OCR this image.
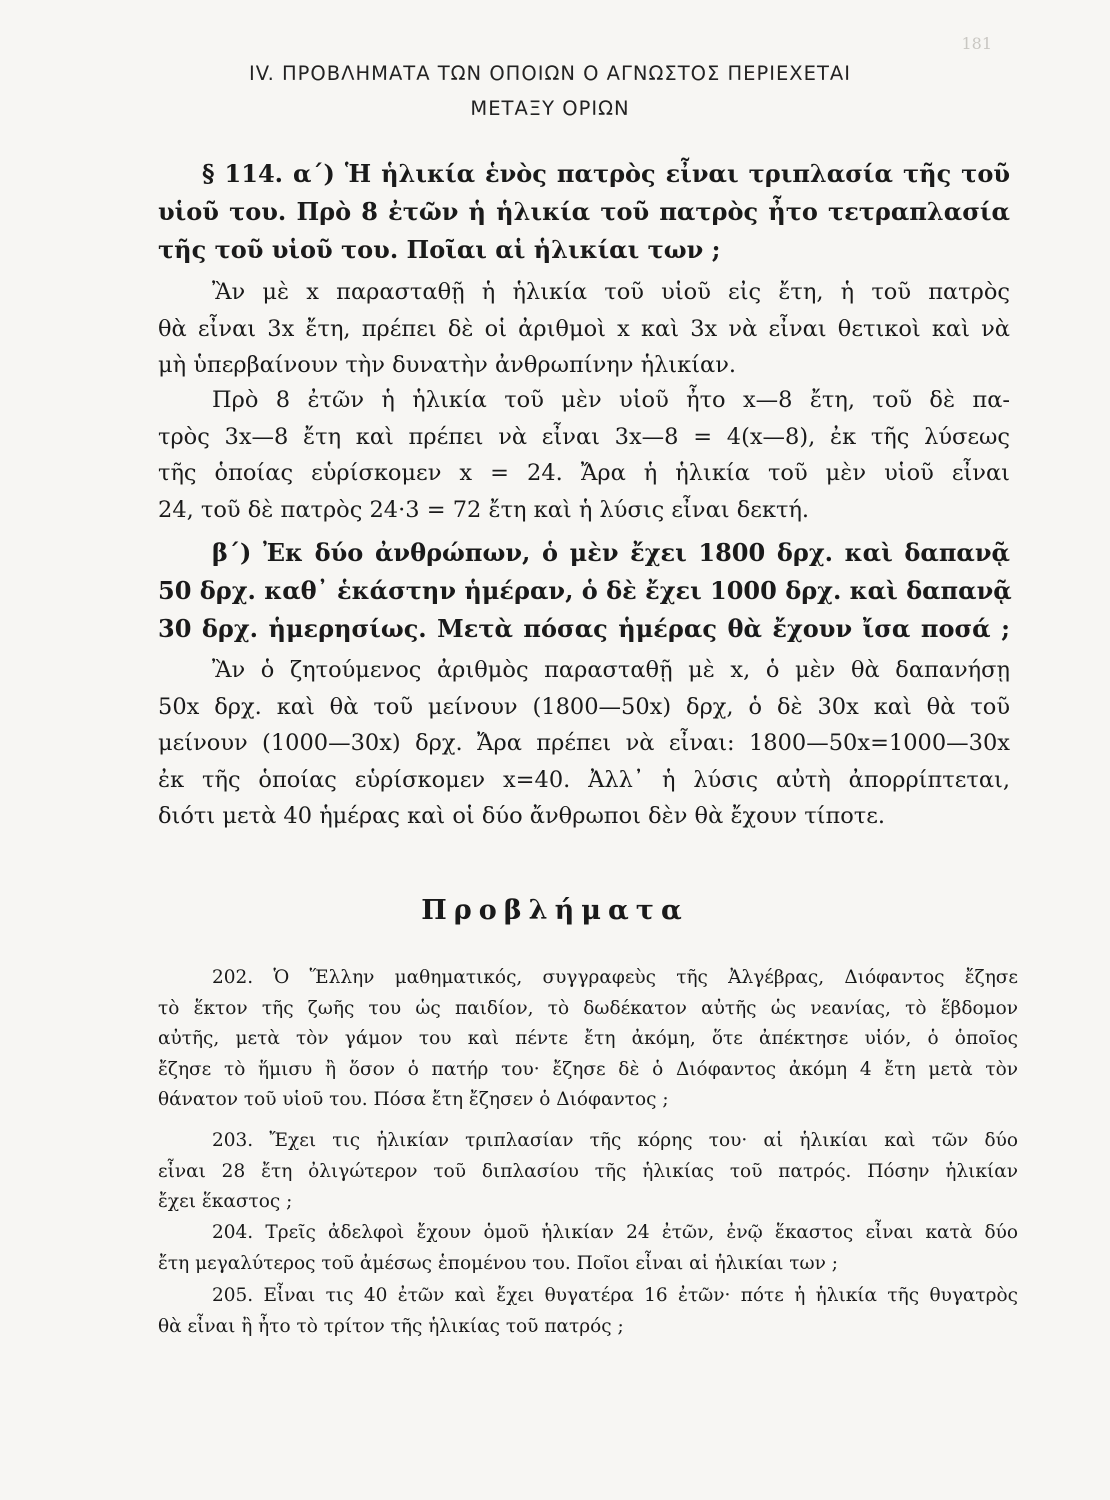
181
IV. ΠΡΟΒΛΗΜΑΤΑ ΤΩΝ ΟΠΟΙΩΝ Ο ΑΓΝΩΣΤΟΣ ΠΕΡΙΕΧΕΤΑΙ
ΜΕΤΑΞΥ ΟΡΙΩΝ
§ 114. α΄) Ἡ ἡλικία ἑνὸς πατρὸς εἶναι τριπλασία τῆς τοῦ
υἱοῦ του. Πρὸ 8 ἐτῶν ἡ ἡλικία τοῦ πατρὸς ἦτο τετραπλασία
τῆς τοῦ υἱοῦ του. Ποῖαι αἱ ἡλικίαι των ;
Ἂν μὲ x παρασταθῇ ἡ ἡλικία τοῦ υἱοῦ εἰς ἔτη, ἡ τοῦ πατρὸς
θὰ εἶναι 3x ἔτη, πρέπει δὲ οἱ ἀριθμοὶ x καὶ 3x νὰ εἶναι θετικοὶ καὶ νὰ
μὴ ὑπερβαίνουν τὴν δυνατὴν ἀνθρωπίνην ἡλικίαν.
Πρὸ 8 ἐτῶν ἡ ἡλικία τοῦ μὲν υἱοῦ ἦτο x—8 ἔτη, τοῦ δὲ πα-
τρὸς 3x—8 ἔτη καὶ πρέπει νὰ εἶναι 3x—8 = 4(x—8), ἐκ τῆς λύσεως
τῆς ὁποίας εὑρίσκομεν x = 24. Ἄρα ἡ ἡλικία τοῦ μὲν υἱοῦ εἶναι
24, τοῦ δὲ πατρὸς 24·3 = 72 ἔτη καὶ ἡ λύσις εἶναι δεκτή.
β΄) Ἐκ δύο ἀνθρώπων, ὁ μὲν ἔχει 1800 δρχ. καὶ δαπανᾷ
50 δρχ. καθ᾿ ἑκάστην ἡμέραν, ὁ δὲ ἔχει 1000 δρχ. καὶ δαπανᾷ
30 δρχ. ἡμερησίως. Μετὰ πόσας ἡμέρας θὰ ἔχουν ἴσα ποσά ;
Ἂν ὁ ζητούμενος ἀριθμὸς παρασταθῇ μὲ x, ὁ μὲν θὰ δαπανήσῃ
50x δρχ. καὶ θὰ τοῦ μείνουν (1800—50x) δρχ, ὁ δὲ 30x καὶ θὰ τοῦ
μείνουν (1000—30x) δρχ. Ἄρα πρέπει νὰ εἶναι: 1800—50x=1000—30x
ἐκ τῆς ὁποίας εὑρίσκομεν x=40. Ἀλλ᾿ ἡ λύσις αὐτὴ ἀπορρίπτεται,
διότι μετὰ 40 ἡμέρας καὶ οἱ δύο ἄνθρωποι δὲν θὰ ἔχουν τίποτε.
Προβλήματα
202. Ὁ Ἕλλην μαθηματικός, συγγραφεὺς τῆς Ἀλγέβρας, Διόφαντος ἔζησε
τὸ ἕκτον τῆς ζωῆς του ὡς παιδίον, τὸ δωδέκατον αὐτῆς ὡς νεανίας, τὸ ἕβδομον
αὐτῆς, μετὰ τὸν γάμον του καὶ πέντε ἔτη ἀκόμη, ὅτε ἀπέκτησε υἱόν, ὁ ὁποῖος
ἔζησε τὸ ἥμισυ ἢ ὅσον ὁ πατήρ του· ἔζησε δὲ ὁ Διόφαντος ἀκόμη 4 ἔτη μετὰ τὸν
θάνατον τοῦ υἱοῦ του. Πόσα ἔτη ἔζησεν ὁ Διόφαντος ;
203. Ἔχει τις ἡλικίαν τριπλασίαν τῆς κόρης του· αἱ ἡλικίαι καὶ τῶν δύο
εἶναι 28 ἔτη ὀλιγώτερον τοῦ διπλασίου τῆς ἡλικίας τοῦ πατρός. Πόσην ἡλικίαν
ἔχει ἕκαστος ;
204. Τρεῖς ἀδελφοὶ ἔχουν ὁμοῦ ἡλικίαν 24 ἐτῶν, ἐνῷ ἕκαστος εἶναι κατὰ δύο
ἔτη μεγαλύτερος τοῦ ἀμέσως ἑπομένου του. Ποῖοι εἶναι αἱ ἡλικίαι των ;
205. Εἶναι τις 40 ἐτῶν καὶ ἔχει θυγατέρα 16 ἐτῶν· πότε ἡ ἡλικία τῆς θυγατρὸς
θὰ εἶναι ἢ ἦτο τὸ τρίτον τῆς ἡλικίας τοῦ πατρός ;
